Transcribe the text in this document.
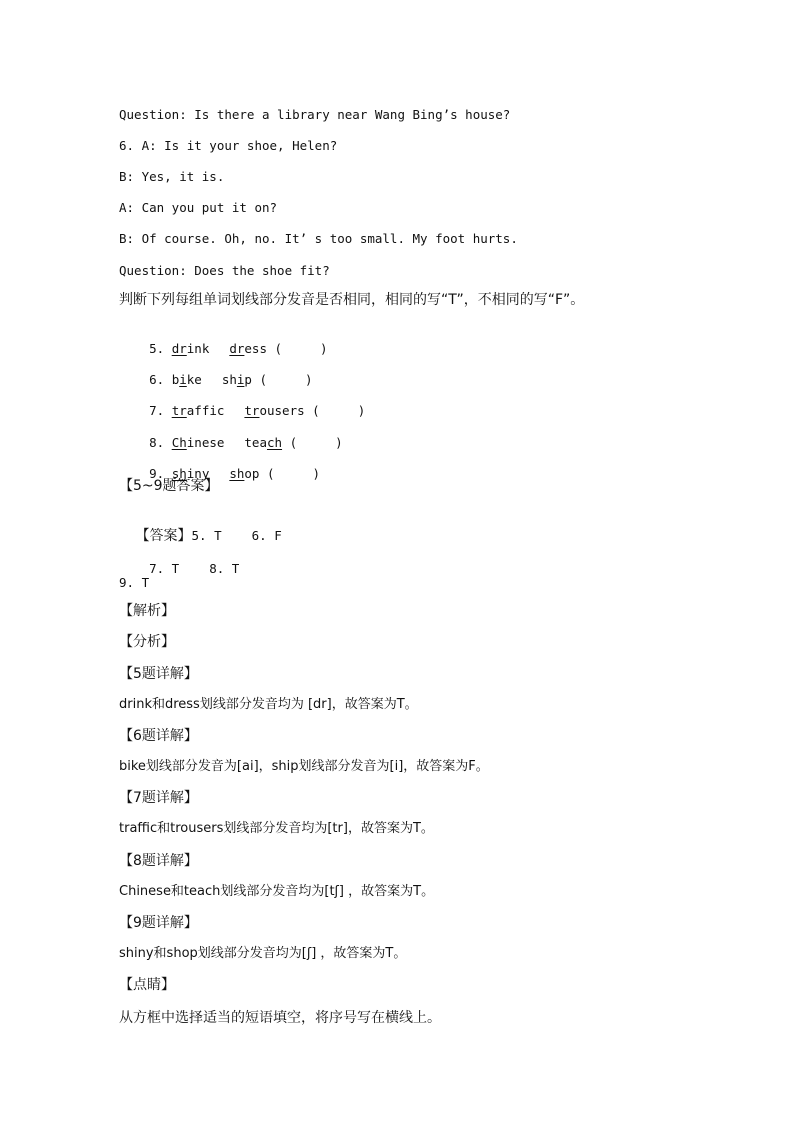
Question: Is there a library near Wang Bing’s house?
6. A: Is it your shoe, Helen?
B: Yes, it is.
A: Can you put it on?
B: Of course. Oh, no. It’ s too small. My foot hurts.
Question: Does the shoe fit?
判断下列每组单词划线部分发音是否相同，相同的写“T”，不相同的写“F”。

5. drink dress (	)

6. bike ship (	)

7. traffic trousers (	)

8. Chinese teach (	)

9. shiny shop (	)

【5~9题答案】

【答案】5. T 6. F

7. T 8. T

9. T
【解析】
【分析】
【5题详解】
drink和dress划线部分发音均为 [dr]，故答案为T。
【6题详解】
bike划线部分发音为[ai]，ship划线部分发音为[i]，故答案为F。
【7题详解】
traffic和trousers划线部分发音均为[tr]，故答案为T。
【8题详解】
Chinese和teach划线部分发音均为[tʃ] ，故答案为T。
【9题详解】
shiny和shop划线部分发音均为[ʃ] ，故答案为T。
【点睛】
从方框中选择适当的短语填空，将序号写在横线上。
